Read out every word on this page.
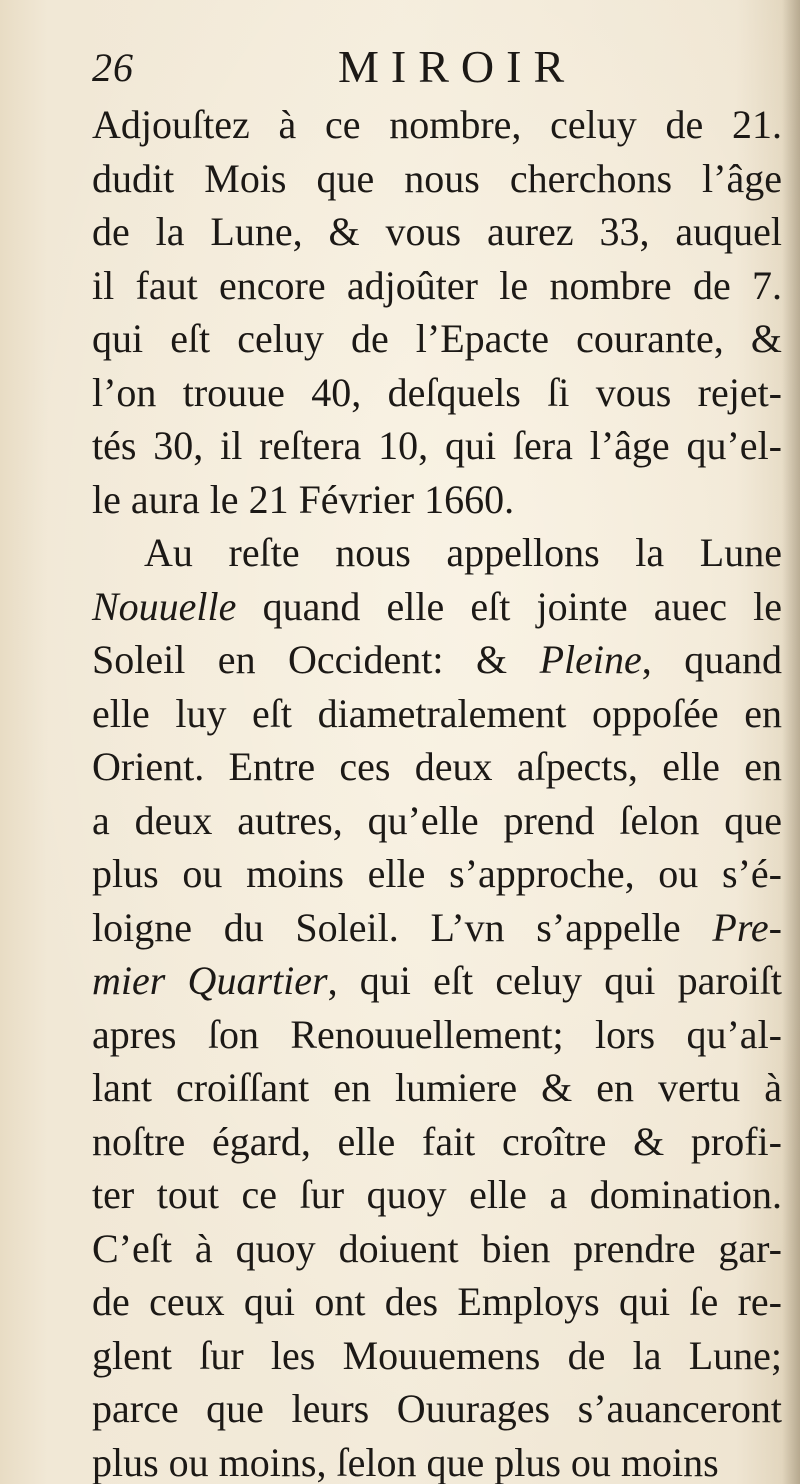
26	MIROIR
Adjouſtez à ce nombre, celuy de 21.
dudit Mois que nous cherchons l’âge
de la Lune, & vous aurez 33, auquel
il faut encore adjoûter le nombre de 7.
qui eſt celuy de l’Epacte courante, &
l’on trouue 40, deſquels ſi vous rejet-
tés 30, il reſtera 10, qui ſera l’âge qu’el-
le aura le 21 Février 1660.
Au reſte nous appellons la Lune
Nouuelle quand elle eſt jointe auec le
Soleil en Occident: & Pleine, quand
elle luy eſt diametralement oppoſée en
Orient. Entre ces deux aſpects, elle en
a deux autres, qu’elle prend ſelon que
plus ou moins elle s’approche, ou s’é-
loigne du Soleil. L’vn s’appelle Pre-
mier Quartier, qui eſt celuy qui paroiſt
apres ſon Renouuellement; lors qu’al-
lant croiſſant en lumiere & en vertu à
noſtre égard, elle fait croître & profi-
ter tout ce ſur quoy elle a domination.
C’eſt à quoy doiuent bien prendre gar-
de ceux qui ont des Employs qui ſe re-
glent ſur les Mouuemens de la Lune;
parce que leurs Ouurages s’auanceront
plus ou moins, ſelon que plus ou moins
